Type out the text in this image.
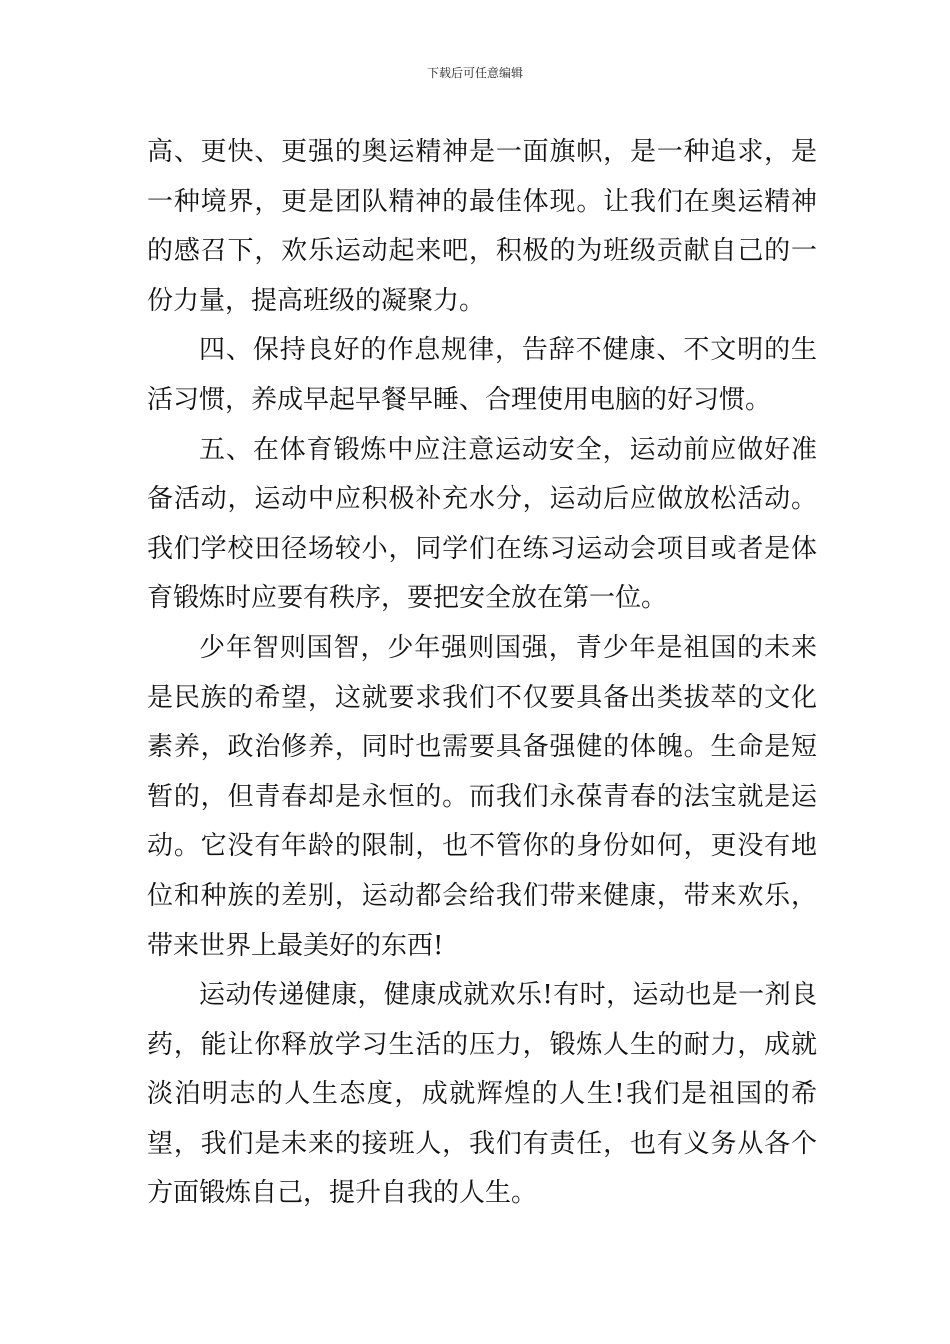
下载后可任意编辑

高、更快、更强的奥运精神是一面旗帜，是一种追求，是一种境界，更是团队精神的最佳体现。让我们在奥运精神的感召下，欢乐运动起来吧，积极的为班级贡献自己的一份力量，提高班级的凝聚力。

四、保持良好的作息规律，告辞不健康、不文明的生活习惯，养成早起早餐早睡、合理使用电脑的好习惯。

五、在体育锻炼中应注意运动安全，运动前应做好准备活动，运动中应积极补充水分，运动后应做放松活动。我们学校田径场较小，同学们在练习运动会项目或者是体育锻炼时应要有秩序，要把安全放在第一位。

少年智则国智，少年强则国强，青少年是祖国的未来是民族的希望，这就要求我们不仅要具备出类拔萃的文化素养，政治修养，同时也需要具备强健的体魄。生命是短暂的，但青春却是永恒的。而我们永葆青春的法宝就是运动。它没有年龄的限制，也不管你的身份如何，更没有地位和种族的差别，运动都会给我们带来健康，带来欢乐，带来世界上最美好的东西!

运动传递健康，健康成就欢乐!有时，运动也是一剂良药，能让你释放学习生活的压力，锻炼人生的耐力，成就淡泊明志的人生态度，成就辉煌的人生!我们是祖国的希望，我们是未来的接班人，我们有责任，也有义务从各个方面锻炼自己，提升自我的人生。
